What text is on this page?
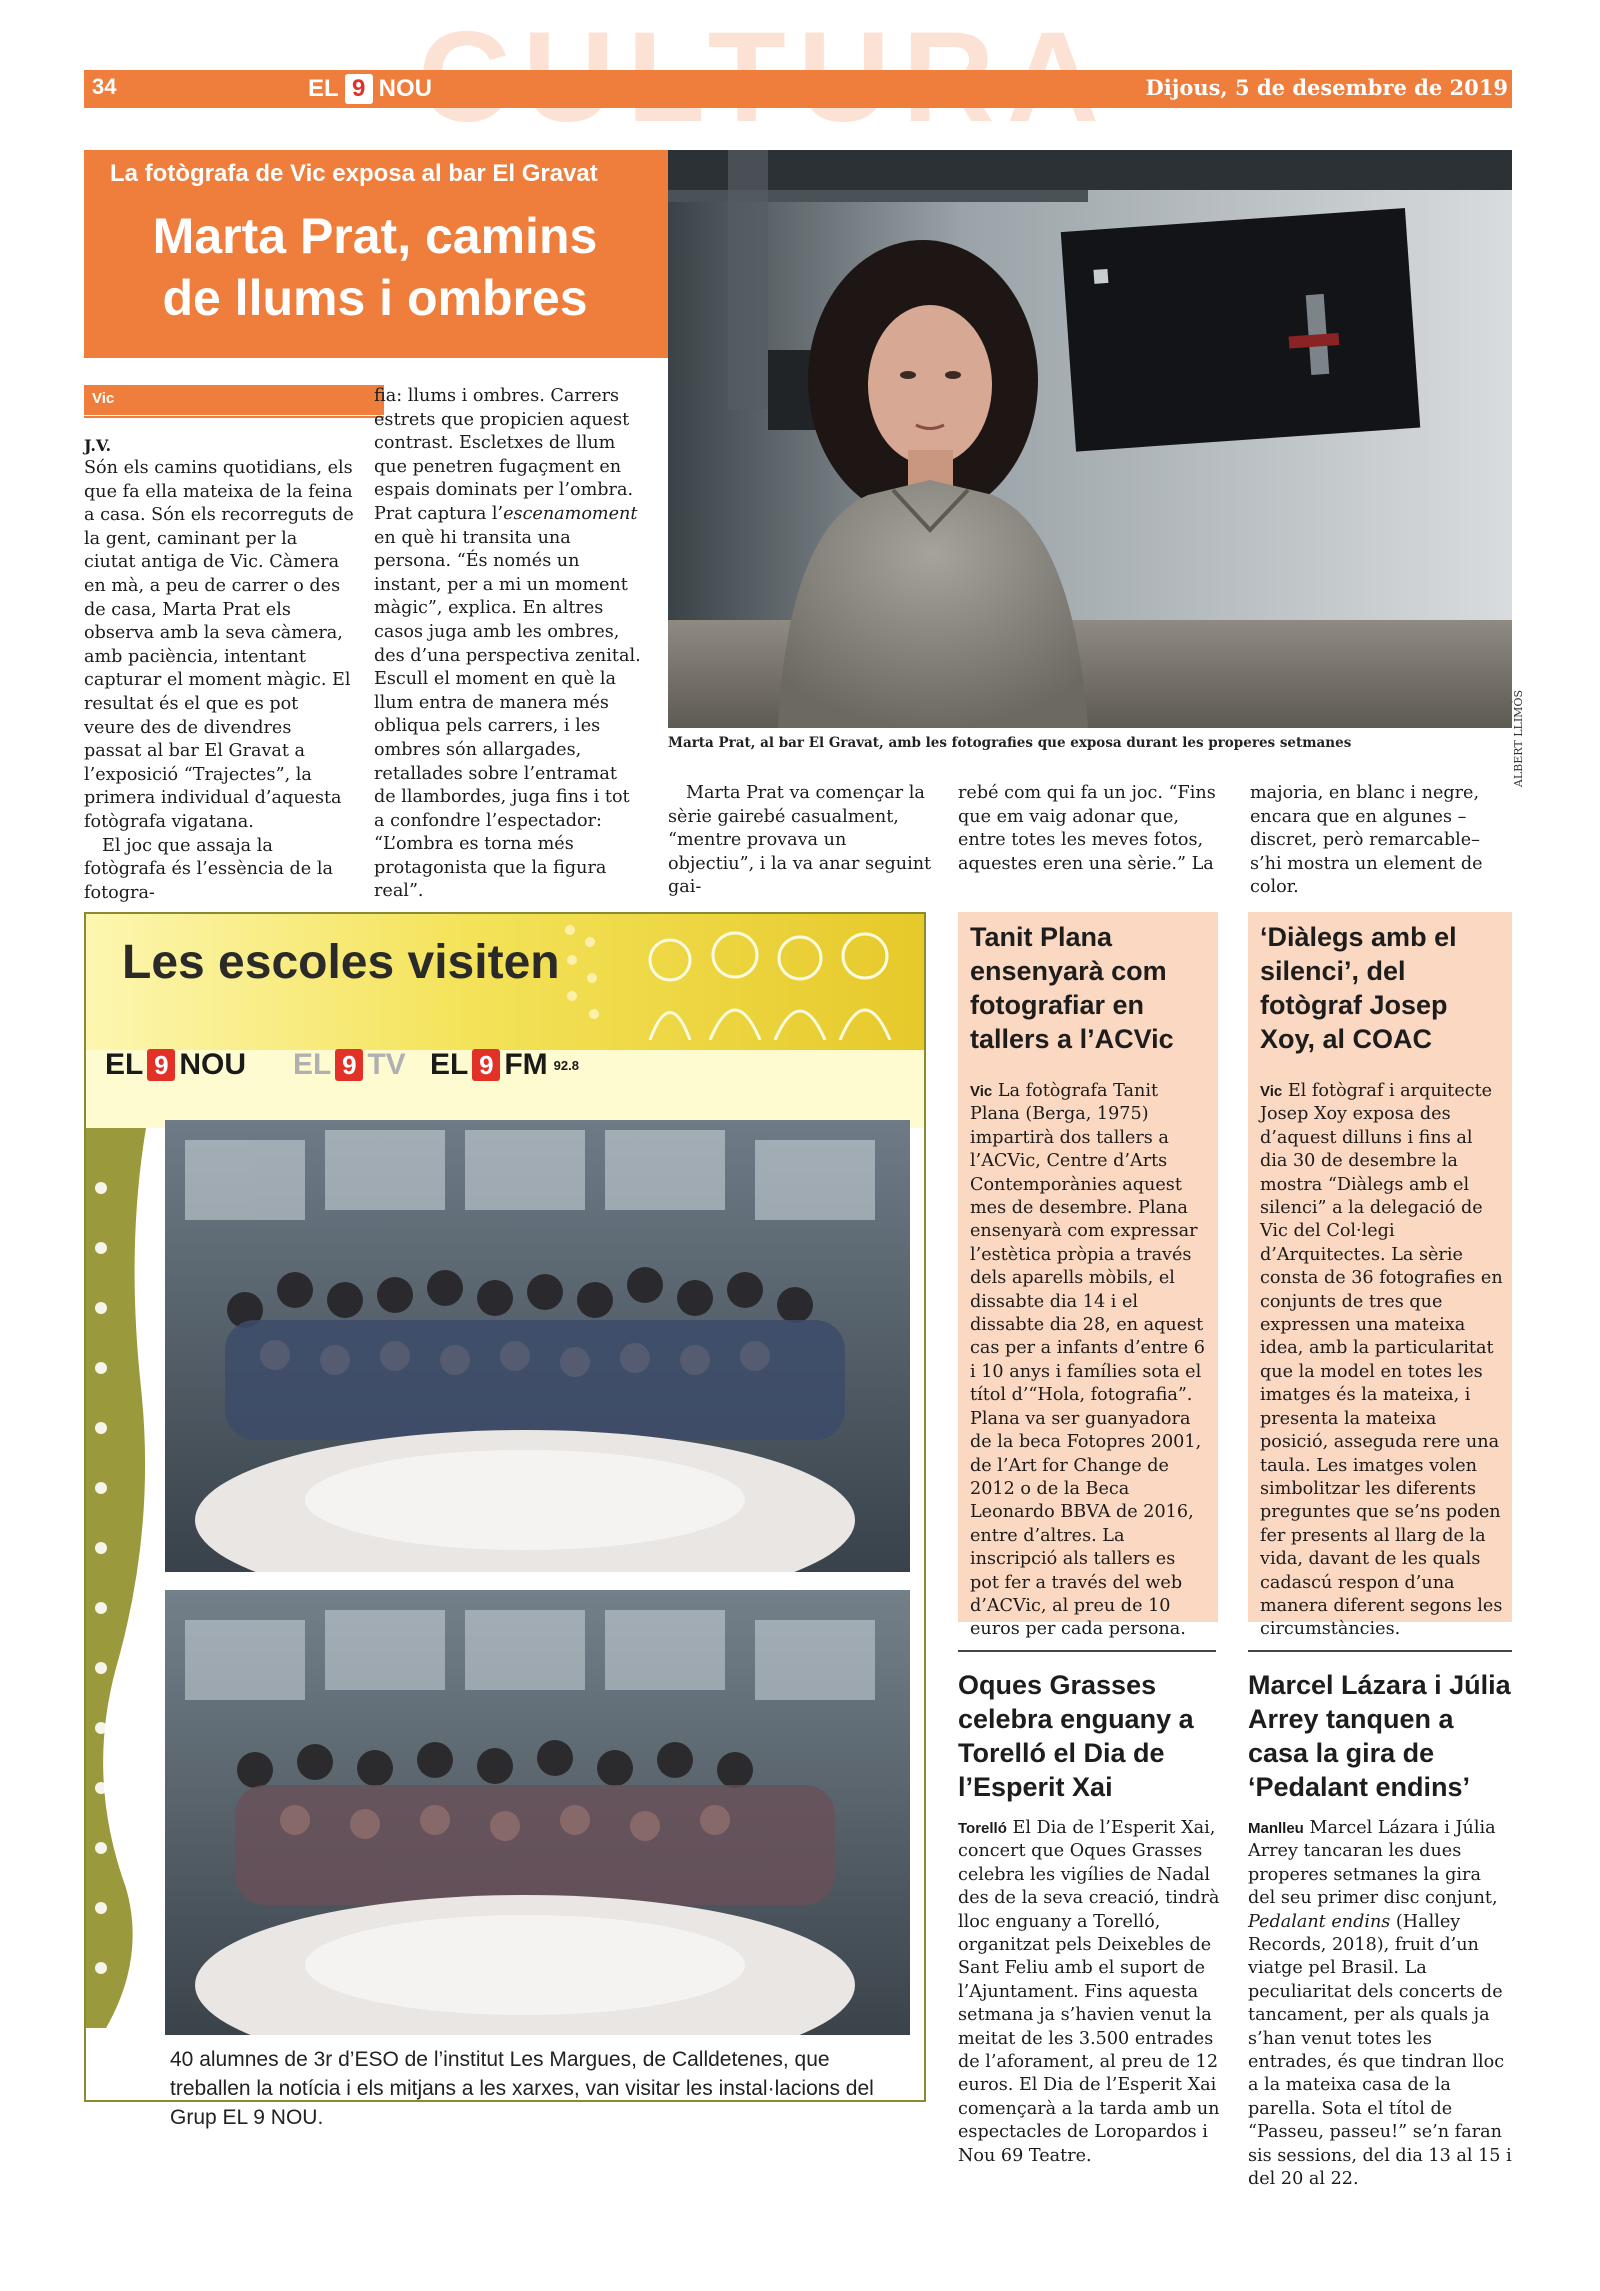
34	EL 9 NOU	Dijous, 5 de desembre de 2019
La fotògrafa de Vic exposa al bar El Gravat
Marta Prat, camins
de llums i ombres
ALBERT LLIMÓS
Marta Prat, al bar El Gravat, amb les fotografies que exposa durant les properes setmanes
Vic
J.V.

Són els camins quotidians, els que fa ella mateixa de la feina a casa. Són els recorreguts de la gent, caminant per la ciutat antiga de Vic. Càmera en mà, a peu de carrer o des de casa, Marta Prat els observa amb la seva càmera, amb paciència, intentant capturar el moment màgic. El resultat és el que es pot veure des de divendres passat al bar El Gravat a l’exposició “Trajectes”, la primera individual d’aquesta fotògrafa vigatana.

El joc que assaja la fotògrafa és l’essència de la fotogra-

fia: llums i ombres. Carrers estrets que propicien aquest contrast. Escletxes de llum que penetren fugaçment en espais dominats per l’ombra. Prat captura l’escenamoment en què hi transita una persona. “És només un instant, per a mi un moment màgic”, explica. En altres casos juga amb les ombres, des d’una perspectiva zenital. Escull el moment en què la llum entra de manera més obliqua pels carrers, i les ombres són allargades, retallades sobre l’entramat de llambordes, juga fins i tot a confondre l’espectador: “L’ombra es torna més protagonista que la figura real”.

Marta Prat va començar la sèrie gairebé casualment, “mentre provava un objectiu”, i la va anar seguint gai-

rebé com qui fa un joc. “Fins que em vaig adonar que, entre totes les meves fotos, aquestes eren una sèrie.” La

majoria, en blanc i negre, encara que en algunes –discret, però remarcable– s’hi mostra un element de color.

Les escoles visiten
EL 9 NOU EL 9 TV EL 9 FM 92.8
40 alumnes de 3r d’ESO de l’institut Les Margues, de Calldetenes, que treballen la notícia i els mitjans a les xarxes, van visitar les instal·lacions del Grup EL 9 NOU.
Tanit Plana ensenyarà com fotografiar en tallers a l’ACVic
Vic La fotògrafa Tanit Plana (Berga, 1975) impartirà dos tallers a l’ACVic, Centre d’Arts Contemporànies aquest mes de desembre. Plana ensenyarà com expressar l’estètica pròpia a través dels aparells mòbils, el dissabte dia 14 i el dissabte dia 28, en aquest cas per a infants d’entre 6 i 10 anys i famílies sota el títol d’“Hola, fotografia”. Plana va ser guanyadora de la beca Fotopres 2001, de l’Art for Change de 2012 o de la Beca Leonardo BBVA de 2016, entre d’altres. La inscripció als tallers es pot fer a través del web d’ACVic, al preu de 10 euros per cada persona.
‘Diàlegs amb el silenci’, del fotògraf Josep Xoy, al COAC
Vic El fotògraf i arquitecte Josep Xoy exposa des d’aquest dilluns i fins al dia 30 de desembre la mostra “Diàlegs amb el silenci” a la delegació de Vic del Col·legi d’Arquitectes. La sèrie consta de 36 fotografies en conjunts de tres que expressen una mateixa idea, amb la particularitat que la model en totes les imatges és la mateixa, i presenta la mateixa posició, asseguda rere una taula. Les imatges volen simbolitzar les diferents preguntes que se’ns poden fer presents al llarg de la vida, davant de les quals cadascú respon d’una manera diferent segons les circumstàncies.
Oques Grasses celebra enguany a Torelló el Dia de l’Esperit Xai
Torelló El Dia de l’Esperit Xai, concert que Oques Grasses celebra les vigílies de Nadal des de la seva creació, tindrà lloc enguany a Torelló, organitzat pels Deixebles de Sant Feliu amb el suport de l’Ajuntament. Fins aquesta setmana ja s’havien venut la meitat de les 3.500 entrades de l’aforament, al preu de 12 euros. El Dia de l’Esperit Xai començarà a la tarda amb un espectacles de Loropardos i Nou 69 Teatre.
Marcel Lázara i Júlia Arrey tanquen a casa la gira de ‘Pedalant endins’
Manlleu Marcel Lázara i Júlia Arrey tancaran les dues properes setmanes la gira del seu primer disc conjunt, Pedalant endins (Halley Records, 2018), fruit d’un viatge pel Brasil. La peculiaritat dels concerts de tancament, per als quals ja s’han venut totes les entrades, és que tindran lloc a la mateixa casa de la parella. Sota el títol de “Passeu, passeu!” se’n faran sis sessions, del dia 13 al 15 i del 20 al 22.
